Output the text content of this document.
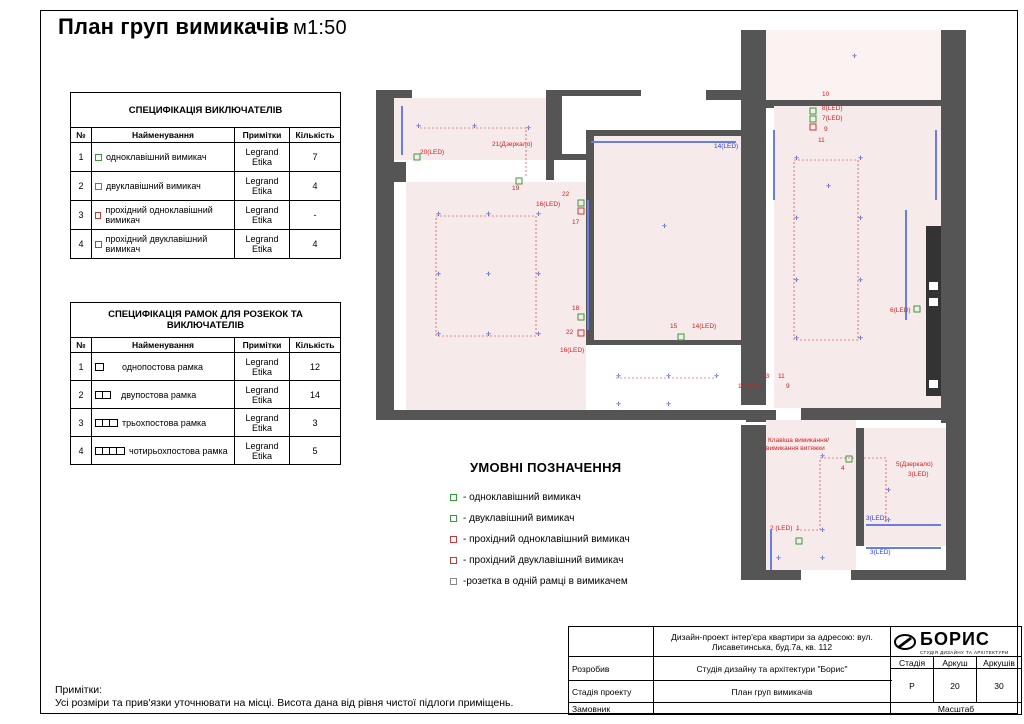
План груп вимикачів м1:50
СПЕЦИФІКАЦІЯ ВИКЛЮЧАТЕЛІВ			
№	Найменування	Примітки	Кількість
1	одноклавішний вимикач	Legrand Etika	7
2	двуклавішний вимикач	Legrand Etika	4
3	прохідний одноклавішний вимикач	Legrand Etika	-
4	прохідний двуклавішний вимикач	Legrand Etika	4
СПЕЦИФІКАЦІЯ РАМОК ДЛЯ РОЗЕКОК ТА ВИКЛЮЧАТЕЛІВ			
№	Найменування	Примітки	Кількість
1	однопостова рамка	Legrand Etika	12
2	двупостова рамка	Legrand Etika	14
3	трьохпостова рамка	Legrand Etika	3
4	чотирьохпостова рамка	Legrand Etika	5
✛	✛	✛
✛	✛	✛
✛	✛	✛
✛	✛	✛
✛
✛
✛	✛
✛	✛
✛
✛	✛
✛	✛
✛	✛	✛
✛	✛
✛
✛
✛
✛
✛
✛
20(LED)
21(Дзеркало)
19
16(LED)
22
17
18
22
16(LED)
15 14(LED)
14(LED)
10
8(LED)
7(LED)
9
11
6(LED)
12 (бра)
13 11
9
Клавіша вимикання/
вимикання витяжки
4
5(Дзеркало)
3(LED)
3(LED)
3(LED)
2 (LED) 1
УМОВНІ ПОЗНАЧЕННЯ
- одноклавішний вимикач
- двуклавішний вимикач
- прохідний одноклавішний вимикач
- прохідний двуклавішний вимикач
-розетка в одній рамці в вимикачем
Примітки:
Усі розміри та прив'язки уточнювати на місці. Висота дана від рівня чистої підлоги приміщень.
	Дизайн-проект інтер'єра квартири за адресою: вул. Лисаветинська, буд.7а, кв. 112	БОРИС
СТУДІЯ ДИЗАЙНУ ТА АРХІТЕКТУРИ		

Розробив	Студія дизайну та архітектури "Борис"	Стадія	Аркуш	Аркушів
		Р	20	30
Стадія проекту	План груп вимикачів			
Замовник		Масштаб		
